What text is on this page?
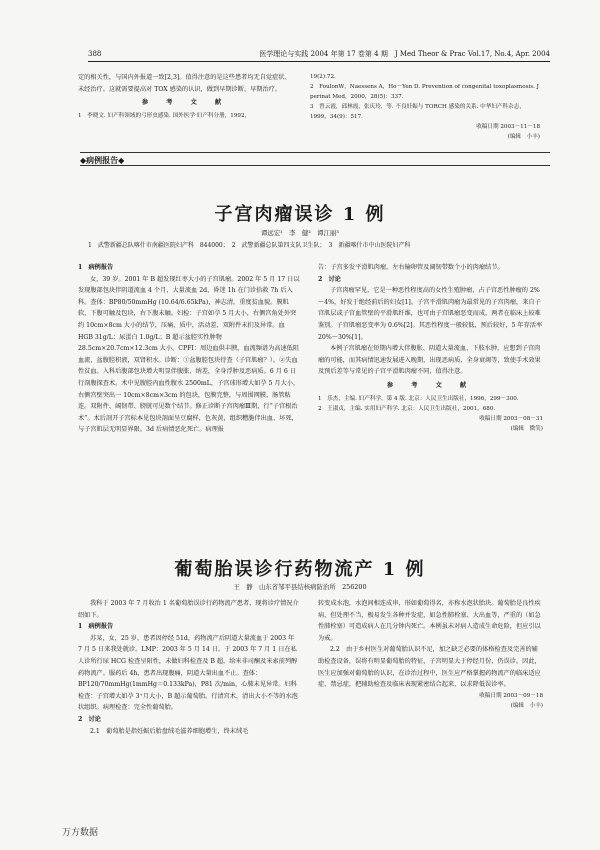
388	医学理论与实践 2004 年第 17 卷第 4 期　J Med Theor & Prac Vol.17, No.4, Apr. 2004

定的相关性，与国内外报道一致[2,3]。值得注意的是这些患者均无自觉症状、未经治疗。这就需要提高对 TOX 感染的认识，做到早期诊断、早期治疗。

参 考 文 献
1　李晓文. 妇产科领域的弓形虫感染. 国外医学·妇产科分册，1992，
19(2):72.
2　FoulonW，Naessens A，Ho－Yen D. Prevention of congenital toxoplasmosis. J perinat Med，2000，28(5)：337.
3　曾云霞，邱林霞，张庆玲，等. 不良妊娠与 TORCH 感染的关系. 中华妇产科杂志，1999，34(9)：517.
收稿日期 2003－11－18
(编辑　小丰)
◆病例报告◆
子宫肉瘤误诊 1 例
谭远宏¹　李　健²　谭江丽³
1　武警新疆总队喀什市南疆医院妇产科　844000；　2　武警新疆总队第四支队卫生队；　3　新疆喀什市中山医院妇产科

1　病例报告

女，39 岁。2001 年 B 超发现红枣大小的子宫肌瘤。2002 年 5 月 17 日以发现腹部包块伴阴道流血 4 个月，大量流血 2d，昏迷 1h 在门诊拾救 7h 后入科。查体：BP80/50mmHg (10.64/6.65kPa)，神志清，重度贫血貌。膜肌软，下腹可触及包块，右下腹未触。妇检：子宫如孕 5 月大小，右侧宫角处外突约 10cm×8cm 大小的结节，压痛，质中，活动差，双附件未扪及异常。血 HGB 31g/L；尿蛋白 1.0g/L；B 超示盆腔实性肿物 28.5cm×20.7cm×12.3cm 大小，CPFI：周边血供丰腴，血流频谱为高速低阻血流，盆腹腔积液，双肾积水。诊断：①盆腹腔包块待查（子宫肌瘤？）。②失血性贫血。入科后腹部包块增大明显伴腹胀、纳差，全身浮肿及恶病质。6 月 6 日行剖腹探查术。术中见腹腔内血性腹水 2500mL，子宫球形增大如孕 5 月大小，右侧宫壁突出一 10cm×8cm×3cm 的包块，包膜完整，与周围网膜、肠管粘连。双附件、阔韧带、膀胱可见数个结节。修正诊断子宫肉瘤Ⅲ期，行“子宫根治术”。术后剖开子宫标本见包块剖面呈豆腐样，色灰黄，组织糟脆伴出血、坏死，与子宫肌层无明显界限。3d 后病情恶化死亡。病理报

告：子宫多发平滑肌肉瘤，左右输卵管及阔韧带数个小的肉瘤结节。

2　讨论

子宫肉瘤罕见，它是一种恶性程度高的女性生殖肿瘤，占子宫恶性肿瘤的 2%～4%，好发于绝经前后的妇女[1]。子宫平滑肌肉瘤为最常见的子宫肉瘤，来自子宫肌层或子宫血管壁的平滑肌纤维，也可由子宫肌瘤恶变而成，两者在临床上较难鉴别。子宫肌瘤恶变率为 0.6%[2]。其恶性程度一般较低，预后较好，5 年存活率 20%～30%[1]。

本例子宫肌瘤在短期内增大伴腹胀、阴道大量流血、下肢水肿，应想到子宫肉瘤的可能，而其病情迅速发展进入晚期，出现恶病质、全身衰竭等，致使手术效果及预后差等与常见的子宫平滑肌肉瘤不同，值得注意。

参 考 文 献
1　乐杰，主编. 妇产科学，第 4 版. 北京：人民卫生出版社，1996，299－300.
2　王淑贞，主编. 实用妇产科学. 北京：人民卫生出版社，2001，680.
收稿日期 2003－08－31
(编辑　微笑)
葡萄胎误诊行药物流产 1 例
王　静　山东省邹平县结核病防治所　256200

我科于 2003 年 7 月收治 1 名葡萄胎误诊行药物流产患者，现将诊疗情况介绍如下。

1　病例报告

苏某，女，25 岁，患者因停经 51d，药物流产后阴道大量流血于 2003 年 7 月 5 日来我处就诊。LMP：2003 年 5 月 14 日。于 2003 年 7 月 1 日在私人诊所行尿 HCG 检查呈阳性，未做妇科检查及 B 超，给米非司酮及米索前列醇药物流产。服药后 4h，患者出现腹痛，阴道大量出血不止。查体：BP120/70mmHg(1mmHg＝0.133kPa)，P81 次/min，心肺未见异常。妇科检查：子宫增大如孕 3⁺月大小，B 超示葡萄胎。行清宫术，清出大小不等的水泡状组织。病理检查：完全性葡萄胎。

2　讨论

2.1　葡萄胎是指妊娠后胎盘绒毛滋养细胞增生，终末绒毛

转变成水泡，水泡间相连成串，形如葡萄得名，亦称水泡状胎块。葡萄胎是良性疾病，但处理不当，极易发生各种并发症，如急性肺栓塞、大出血等，严重的（如急性肺栓塞）可造成病人在几分钟内死亡。本例虽未对病人造成生命危险，但应引以为戒。

2.2　由于乡村医生对葡萄胎认识不足，加之缺乏必要的体格检查及完善的辅助检查设备，误将有明显葡萄胎的特征，子宫明显大于停经月份，仍误诊。因此，医生应加强对葡萄胎的认识，在诊治过程中，医生应严格掌握药物流产的临床适应症、禁忌症，把辅助检查及临床表现紧密结合起来，以求降低误诊率。

收稿日期 2003－09－18
(编辑　小丰)
万方数据
